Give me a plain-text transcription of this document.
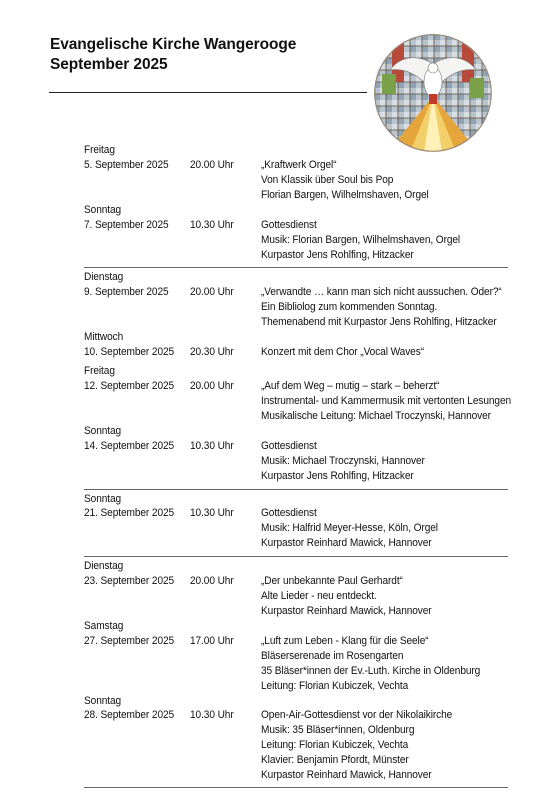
Evangelische Kirche Wangerooge
September 2025
Freitag
5. September 2025 20.00 Uhr „Kraftwerk Orgel“
Von Klassik über Soul bis Pop
Florian Bargen, Wilhelmshaven, Orgel
Sonntag
7. September 2025 10.30 Uhr Gottesdienst
Musik: Florian Bargen, Wilhelmshaven, Orgel
Kurpastor Jens Rohlfing, Hitzacker
Dienstag
9. September 2025 20.00 Uhr „Verwandte … kann man sich nicht aussuchen. Oder?“
Ein Bibliolog zum kommenden Sonntag.
Themenabend mit Kurpastor Jens Rohlfing, Hitzacker
Mittwoch
10. September 2025 20.30 Uhr Konzert mit dem Chor „Vocal Waves“
Freitag
12. September 2025 20.00 Uhr „Auf dem Weg – mutig – stark – beherzt“
Instrumental- und Kammermusik mit vertonten Lesungen
Musikalische Leitung: Michael Troczynski, Hannover
Sonntag
14. September 2025 10.30 Uhr Gottesdienst
Musik: Michael Troczynski, Hannover
Kurpastor Jens Rohlfing, Hitzacker
Sonntag
21. September 2025 10.30 Uhr Gottesdienst
Musik: Halfrid Meyer-Hesse, Köln, Orgel
Kurpastor Reinhard Mawick, Hannover
Dienstag
23. September 2025 20.00 Uhr „Der unbekannte Paul Gerhardt“
Alte Lieder - neu entdeckt.
Kurpastor Reinhard Mawick, Hannover
Samstag
27. September 2025 17.00 Uhr „Luft zum Leben - Klang für die Seele“
Bläserserenade im Rosengarten
35 Bläser*innen der Ev.-Luth. Kirche in Oldenburg
Leitung: Florian Kubiczek, Vechta
Sonntag
28. September 2025 10.30 Uhr Open-Air-Gottesdienst vor der Nikolaikirche
Musik: 35 Bläser*innen, Oldenburg
Leitung: Florian Kubiczek, Vechta
Klavier: Benjamin Pfordt, Münster
Kurpastor Reinhard Mawick, Hannover
